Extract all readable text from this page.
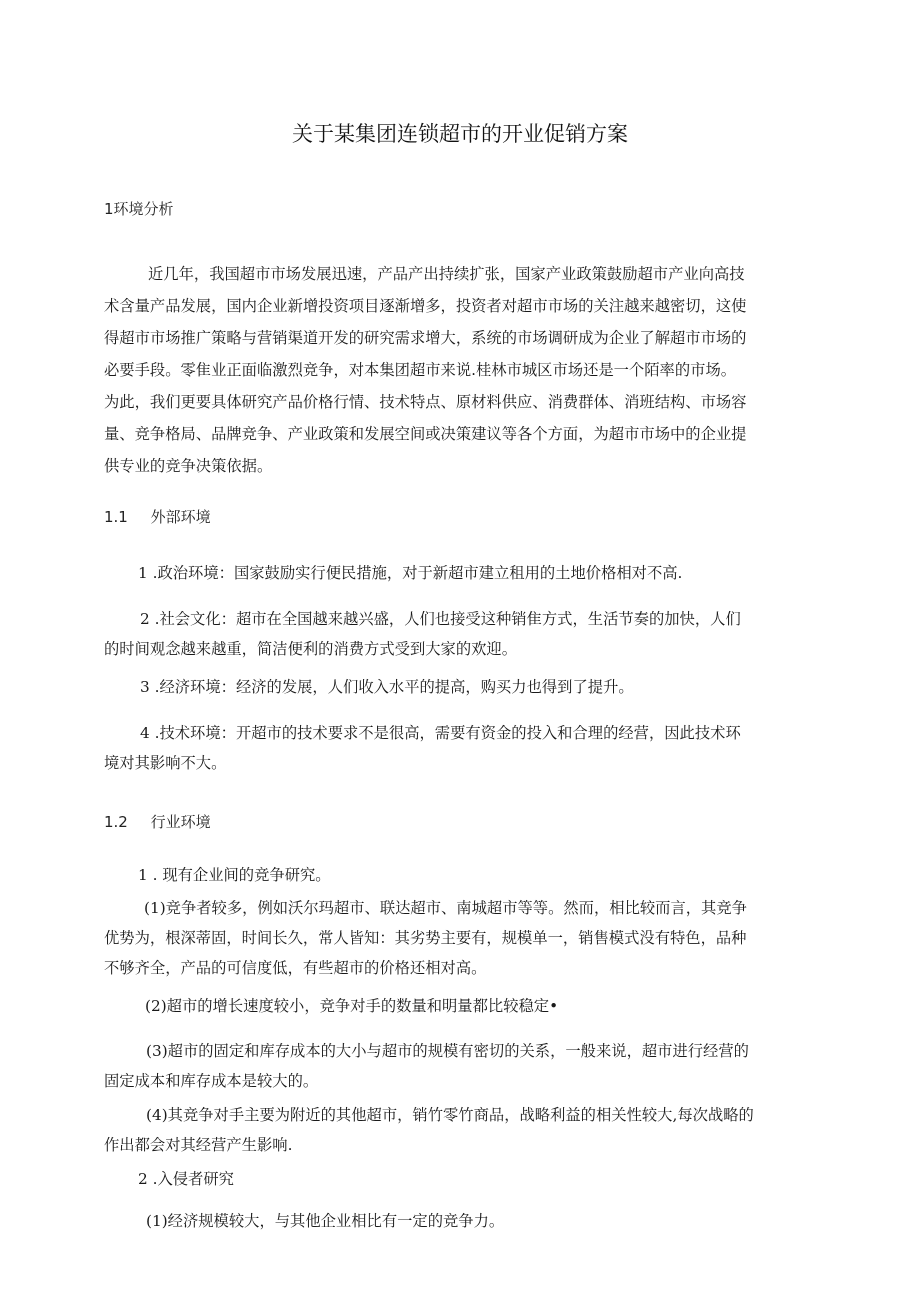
关于某集团连锁超市的开业促销方案
1环境分析
近几年，我国超市市场发展迅速，产品产出持续扩张，国家产业政策鼓励超市产业向高技
术含量产品发展，国内企业新增投资项目逐渐增多，投资者对超市市场的关注越来越密切，这使
得超市市场推广策略与营销渠道开发的研究需求增大，系统的市场调研成为企业了解超市市场的
必要手段。零隹业正面临激烈竞争，对本集团超市来说.桂林市城区市场还是一个陌率的市场。
为此，我们更要具体研究产品价格行情、技术特点、原材料供应、消费群体、消班结构、市场容
量、竞争格局、品牌竞争、产业政策和发展空间或决策建议等各个方面，为超市市场中的企业提
供专业的竞争决策依据。
1.1 外部环境
1 .政治环境：国家鼓励实行便民措施，对于新超市建立租用的土地价格相对不高.
2 .社会文化：超市在全国越来越兴盛，人们也接受这种销隹方式，生活节奏的加快，人们
的时间观念越来越重，简洁便利的消费方式受到大家的欢迎。
3 .经济环境：经济的发展，人们收入水平的提高，购买力也得到了提升。
4 .技术环境：开超市的技术要求不是很高，需要有资金的投入和合理的经营，因此技术环
境对其影响不大。
1.2 行业环境
1 . 现有企业间的竞争研究。
(1)竞争者较多，例如沃尔玛超市、联达超市、南城超市等等。然而，相比较而言，其竞争
优势为，根深蒂固，时间长久，常人皆知：其劣势主要有，规模单一，销售模式没有特色，品种
不够齐全，产品的可信度低，有些超市的价格还相对高。
(2)超市的增长速度较小，竞争对手的数量和明量都比较稳定•
(3)超市的固定和库存成本的大小与超市的规模有密切的关系，一般来说，超市进行经营的
固定成本和库存成本是较大的。
(4)其竞争对手主要为附近的其他超市，销竹零竹商品，战略利益的相关性较大,每次战略的
作出都会对其经营产生影响.
2 .入侵者研究
(1)经济规模较大，与其他企业相比有一定的竞争力。
